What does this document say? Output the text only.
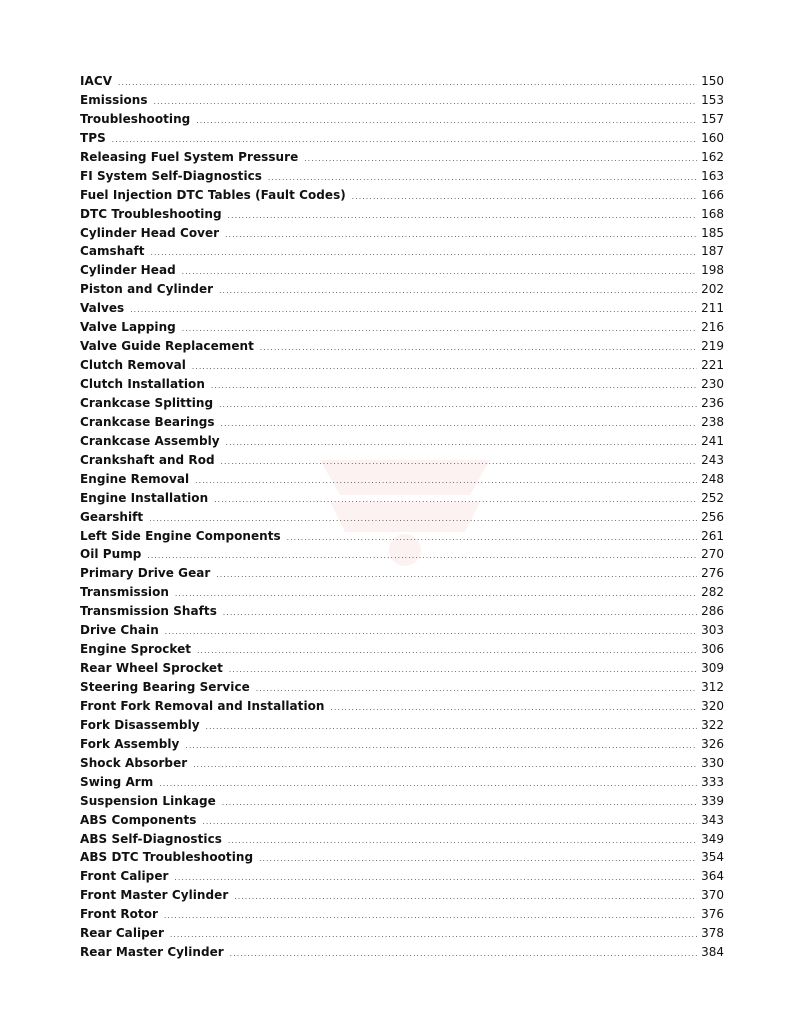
IACV .....	150
Emissions .....	153
Troubleshooting .....	157
TPS .....	160
Releasing Fuel System Pressure .....	162
FI System Self-Diagnostics .....	163
Fuel Injection DTC Tables (Fault Codes) .....	166
DTC Troubleshooting .....	168
Cylinder Head Cover .....	185
Camshaft .....	187
Cylinder Head .....	198
Piston and Cylinder .....	202
Valves .....	211
Valve Lapping .....	216
Valve Guide Replacement .....	219
Clutch Removal .....	221
Clutch Installation .....	230
Crankcase Splitting .....	236
Crankcase Bearings .....	238
Crankcase Assembly .....	241
Crankshaft and Rod .....	243
Engine Removal .....	248
Engine Installation .....	252
Gearshift .....	256
Left Side Engine Components .....	261
Oil Pump .....	270
Primary Drive Gear .....	276
Transmission .....	282
Transmission Shafts .....	286
Drive Chain .....	303
Engine Sprocket .....	306
Rear Wheel Sprocket .....	309
Steering Bearing Service .....	312
Front Fork Removal and Installation .....	320
Fork Disassembly .....	322
Fork Assembly .....	326
Shock Absorber .....	330
Swing Arm .....	333
Suspension Linkage .....	339
ABS Components .....	343
ABS Self-Diagnostics .....	349
ABS DTC Troubleshooting .....	354
Front Caliper .....	364
Front Master Cylinder .....	370
Front Rotor .....	376
Rear Caliper .....	378
Rear Master Cylinder .....	384
